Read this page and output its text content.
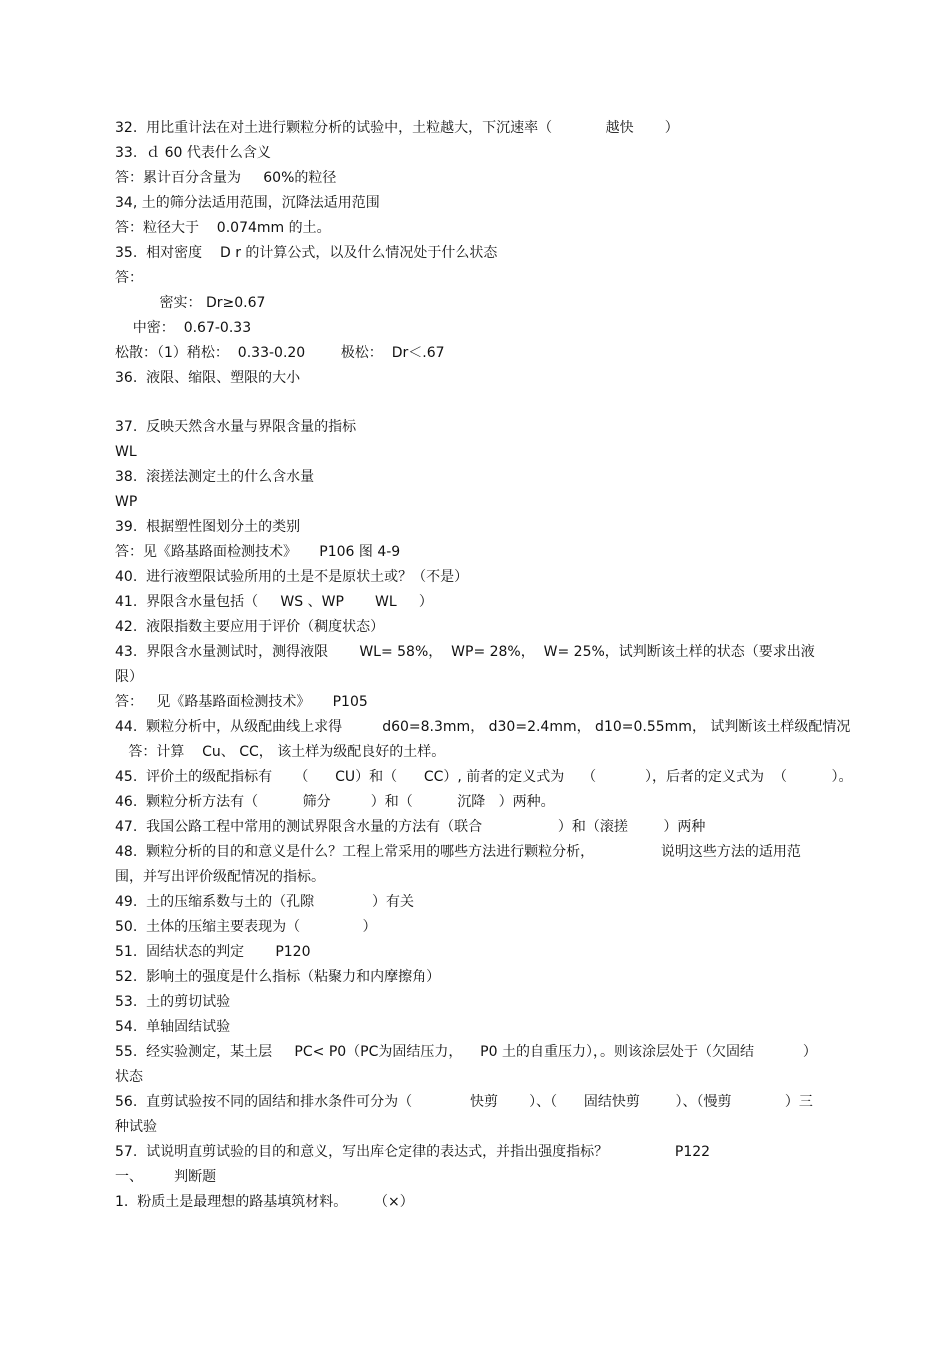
32.  用比重计法在对土进行颗粒分析的试验中，土粒越大，下沉速率（            越快       ）
33.  ｄ 60 代表什么含义
答：累计百分含量为     60%的粒径
34, 土的筛分法适用范围，沉降法适用范围
答：粒径大于    0.074mm 的土。
35.  相对密度    D r 的计算公式，以及什么情况处于什么状态
答：
密实： Dr≥0.67
中密：  0.67-0.33
松散：（1）稍松：  0.33-0.20        极松：  Dr＜.67
36.  液限、缩限、塑限的大小
37.  反映天然含水量与界限含量的指标
WL
38.  滚搓法测定土的什么含水量
WP
39.  根据塑性图划分土的类别
答：见《路基路面检测技术》     P106 图 4-9
40.  进行液塑限试验所用的土是不是原状土或？（不是）
41.  界限含水量包括（     WS 、WP       WL     ）
42.  液限指数主要应用于评价（稠度状态）
43.  界限含水量测试时，测得液限       WL= 58%，  WP= 28%，  W= 25%，试判断该土样的状态（要求出液
限）
答：   见《路基路面检测技术》     P105
44.  颗粒分析中，从级配曲线上求得         d60=8.3mm， d30=2.4mm， d10=0.55mm， 试判断该土样级配情况
答：计算    Cu、 CC， 该土样为级配良好的土样。
45.  评价土的级配指标有     （      CU）和（      CC）, 前者的定义式为    （           ），后者的定义式为  （          ）。
46.  颗粒分析方法有（          筛分         ）和（          沉降   ）两种。
47.  我国公路工程中常用的测试界限含水量的方法有（联合                 ）和（滚搓        ）两种
48.  颗粒分析的目的和意义是什么？工程上常采用的哪些方法进行颗粒分析，               说明这些方法的适用范
围，并写出评价级配情况的指标。
49.  土的压缩系数与土的（孔隙             ）有关
50.  土体的压缩主要表现为（              ）
51.  固结状态的判定       P120
52.  影响土的强度是什么指标（粘聚力和内摩擦角）
53.  土的剪切试验
54.  单轴固结试验
55.  经实验测定，某土层     PC< P0（PC为固结压力，    P0 土的自重压力），。则该涂层处于（欠固结           ）
状态
56.  直剪试验按不同的固结和排水条件可分为（             快剪       ）、（      固结快剪        ）、（慢剪            ）三
种试验
57.  试说明直剪试验的目的和意义，写出库仑定律的表达式，并指出强度指标？               P122
一、       判断题
1.  粉质土是最理想的路基填筑材料。      （×）
